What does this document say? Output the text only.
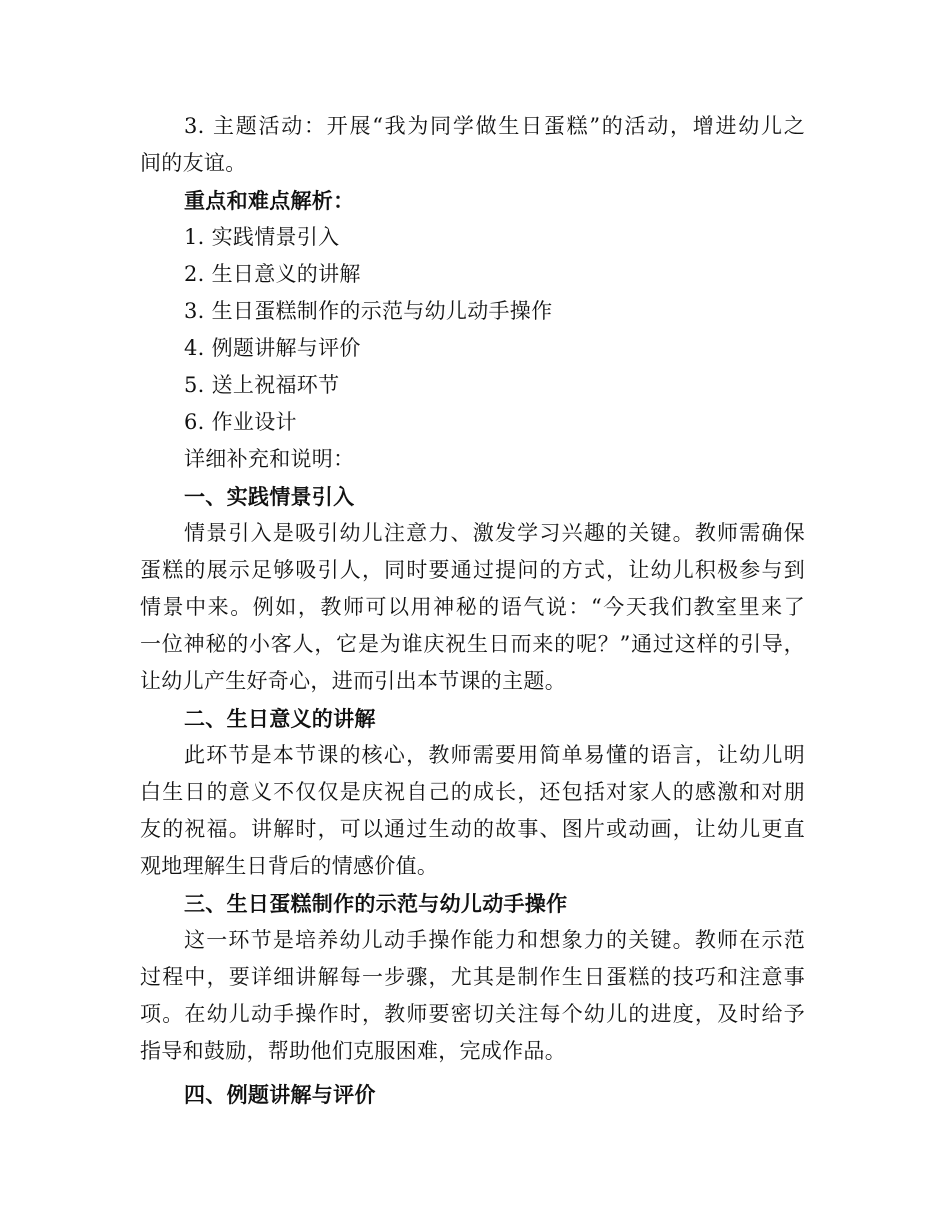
3. 主题活动：开展“我为同学做生日蛋糕”的活动，增进幼儿之
间的友谊。
重点和难点解析：
1. 实践情景引入
2. 生日意义的讲解
3. 生日蛋糕制作的示范与幼儿动手操作
4. 例题讲解与评价
5. 送上祝福环节
6. 作业设计
详细补充和说明：
一、实践情景引入
情景引入是吸引幼儿注意力、激发学习兴趣的关键。教师需确保
蛋糕的展示足够吸引人，同时要通过提问的方式，让幼儿积极参与到
情景中来。例如，教师可以用神秘的语气说：“今天我们教室里来了
一位神秘的小客人，它是为谁庆祝生日而来的呢？”通过这样的引导，
让幼儿产生好奇心，进而引出本节课的主题。
二、生日意义的讲解
此环节是本节课的核心，教师需要用简单易懂的语言，让幼儿明
白生日的意义不仅仅是庆祝自己的成长，还包括对家人的感激和对朋
友的祝福。讲解时，可以通过生动的故事、图片或动画，让幼儿更直
观地理解生日背后的情感价值。
三、生日蛋糕制作的示范与幼儿动手操作
这一环节是培养幼儿动手操作能力和想象力的关键。教师在示范
过程中，要详细讲解每一步骤，尤其是制作生日蛋糕的技巧和注意事
项。在幼儿动手操作时，教师要密切关注每个幼儿的进度，及时给予
指导和鼓励，帮助他们克服困难，完成作品。
四、例题讲解与评价
